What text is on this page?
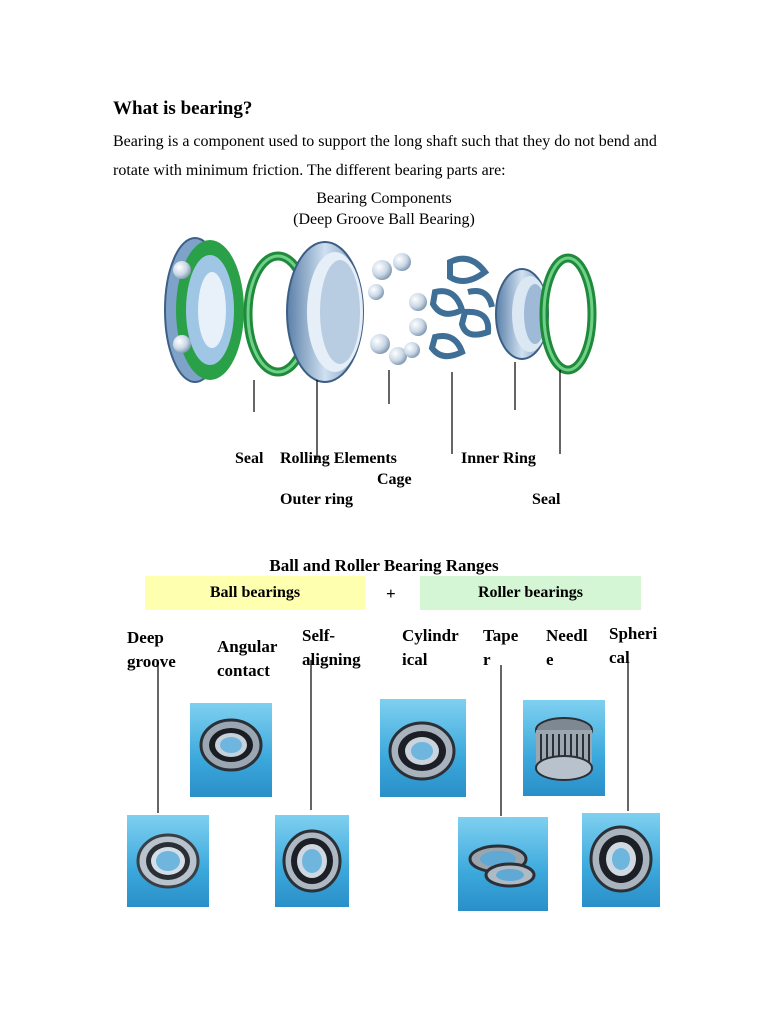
What is bearing?
Bearing is a component used to support the long shaft such that they do not bend and rotate with minimum friction. The different bearing parts are:
Bearing Components
(Deep Groove Ball Bearing)
Seal Rolling Elements	Inner Ring
Cage
Outer ring	Seal
Ball and Roller Bearing Ranges
Ball bearings	+	Roller bearings
Deep
groove
Angular
contact
Self-
aligning
Cylindr
ical
Tape
r
Needl
e
Spheri
cal
